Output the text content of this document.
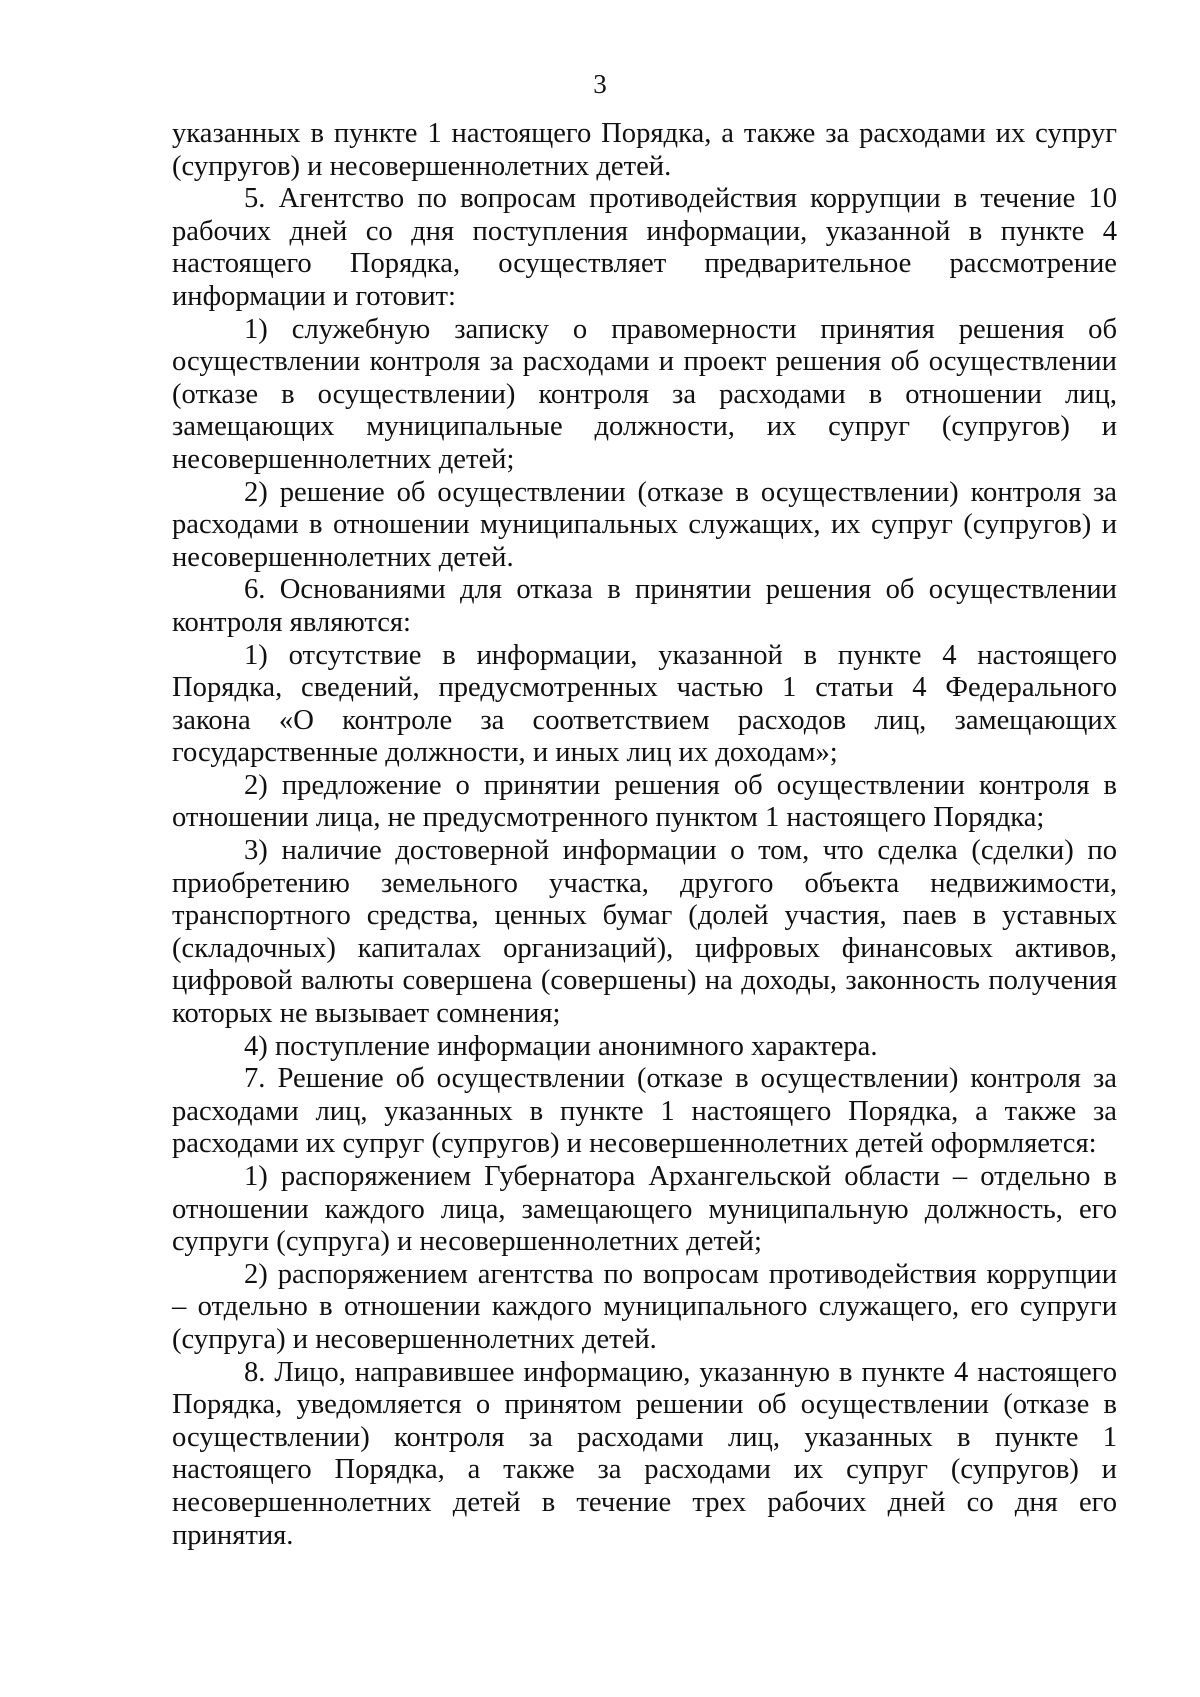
3

указанных в пункте 1 настоящего Порядка, а также за расходами их супруг (супругов) и несовершеннолетних детей.

5. Агентство по вопросам противодействия коррупции в течение 10 рабочих дней со дня поступления информации, указанной в пункте 4 настоящего Порядка, осуществляет предварительное рассмотрение информации и готовит:

1) служебную записку о правомерности принятия решения об осуществлении контроля за расходами и проект решения об осуществлении (отказе в осуществлении) контроля за расходами в отношении лиц, замещающих муниципальные должности, их супруг (супругов) и несовершеннолетних детей;

2) решение об осуществлении (отказе в осуществлении) контроля за расходами в отношении муниципальных служащих, их супруг (супругов) и несовершеннолетних детей.

6. Основаниями для отказа в принятии решения об осуществлении контроля являются:

1) отсутствие в информации, указанной в пункте 4 настоящего Порядка, сведений, предусмотренных частью 1 статьи 4 Федерального закона «О контроле за соответствием расходов лиц, замещающих государственные должности, и иных лиц их доходам»;

2) предложение о принятии решения об осуществлении контроля в отношении лица, не предусмотренного пунктом 1 настоящего Порядка;

3) наличие достоверной информации о том, что сделка (сделки) по приобретению земельного участка, другого объекта недвижимости, транспортного средства, ценных бумаг (долей участия, паев в уставных (складочных) капиталах организаций), цифровых финансовых активов, цифровой валюты совершена (совершены) на доходы, законность получения которых не вызывает сомнения;

4) поступление информации анонимного характера.

7. Решение об осуществлении (отказе в осуществлении) контроля за расходами лиц, указанных в пункте 1 настоящего Порядка, а также за расходами их супруг (супругов) и несовершеннолетних детей оформляется:

1) распоряжением Губернатора Архангельской области – отдельно в отношении каждого лица, замещающего муниципальную должность, его супруги (супруга) и несовершеннолетних детей;

2) распоряжением агентства по вопросам противодействия коррупции – отдельно в отношении каждого муниципального служащего, его супруги (супруга) и несовершеннолетних детей.

8. Лицо, направившее информацию, указанную в пункте 4 настоящего Порядка, уведомляется о принятом решении об осуществлении (отказе в осуществлении) контроля за расходами лиц, указанных в пункте 1 настоящего Порядка, а также за расходами их супруг (супругов) и несовершеннолетних детей в течение трех рабочих дней со дня его принятия.
